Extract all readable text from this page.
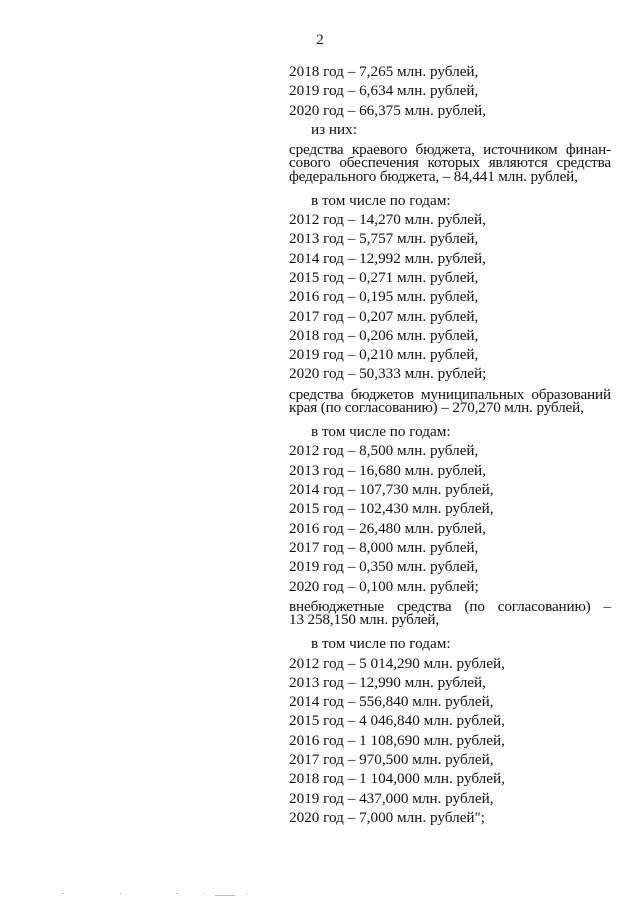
2
2018 год – 7,265 млн. рублей,
2019 год – 6,634 млн. рублей,
2020 год – 66,375 млн. рублей,
из них:
средства краевого бюджета, источником финан-
сового обеспечения которых являются средства
федерального бюджета, – 84,441 млн. рублей,
в том числе по годам:
2012 год – 14,270 млн. рублей,
2013 год – 5,757 млн. рублей,
2014 год – 12,992 млн. рублей,
2015 год – 0,271 млн. рублей,
2016 год – 0,195 млн. рублей,
2017 год – 0,207 млн. рублей,
2018 год – 0,206 млн. рублей,
2019 год – 0,210 млн. рублей,
2020 год – 50,333 млн. рублей;
средства бюджетов муниципальных образований
края (по согласованию) – 270,270 млн. рублей,
в том числе по годам:
2012 год – 8,500 млн. рублей,
2013 год – 16,680 млн. рублей,
2014 год – 107,730 млн. рублей,
2015 год – 102,430 млн. рублей,
2016 год – 26,480 млн. рублей,
2017 год – 8,000 млн. рублей,
2019 год – 0,350 млн. рублей,
2020 год – 0,100 млн. рублей;
внебюджетные средства (по согласованию) –
13 258,150 млн. рублей,
в том числе по годам:
2012 год – 5 014,290 млн. рублей,
2013 год – 12,990 млн. рублей,
2014 год – 556,840 млн. рублей,
2015 год – 4 046,840 млн. рублей,
2016 год – 1 108,690 млн. рублей,
2017 год – 970,500 млн. рублей,
2018 год – 1 104,000 млн. рублей,
2019 год – 437,000 млн. рублей,
2020 год – 7,000 млн. рублей";
